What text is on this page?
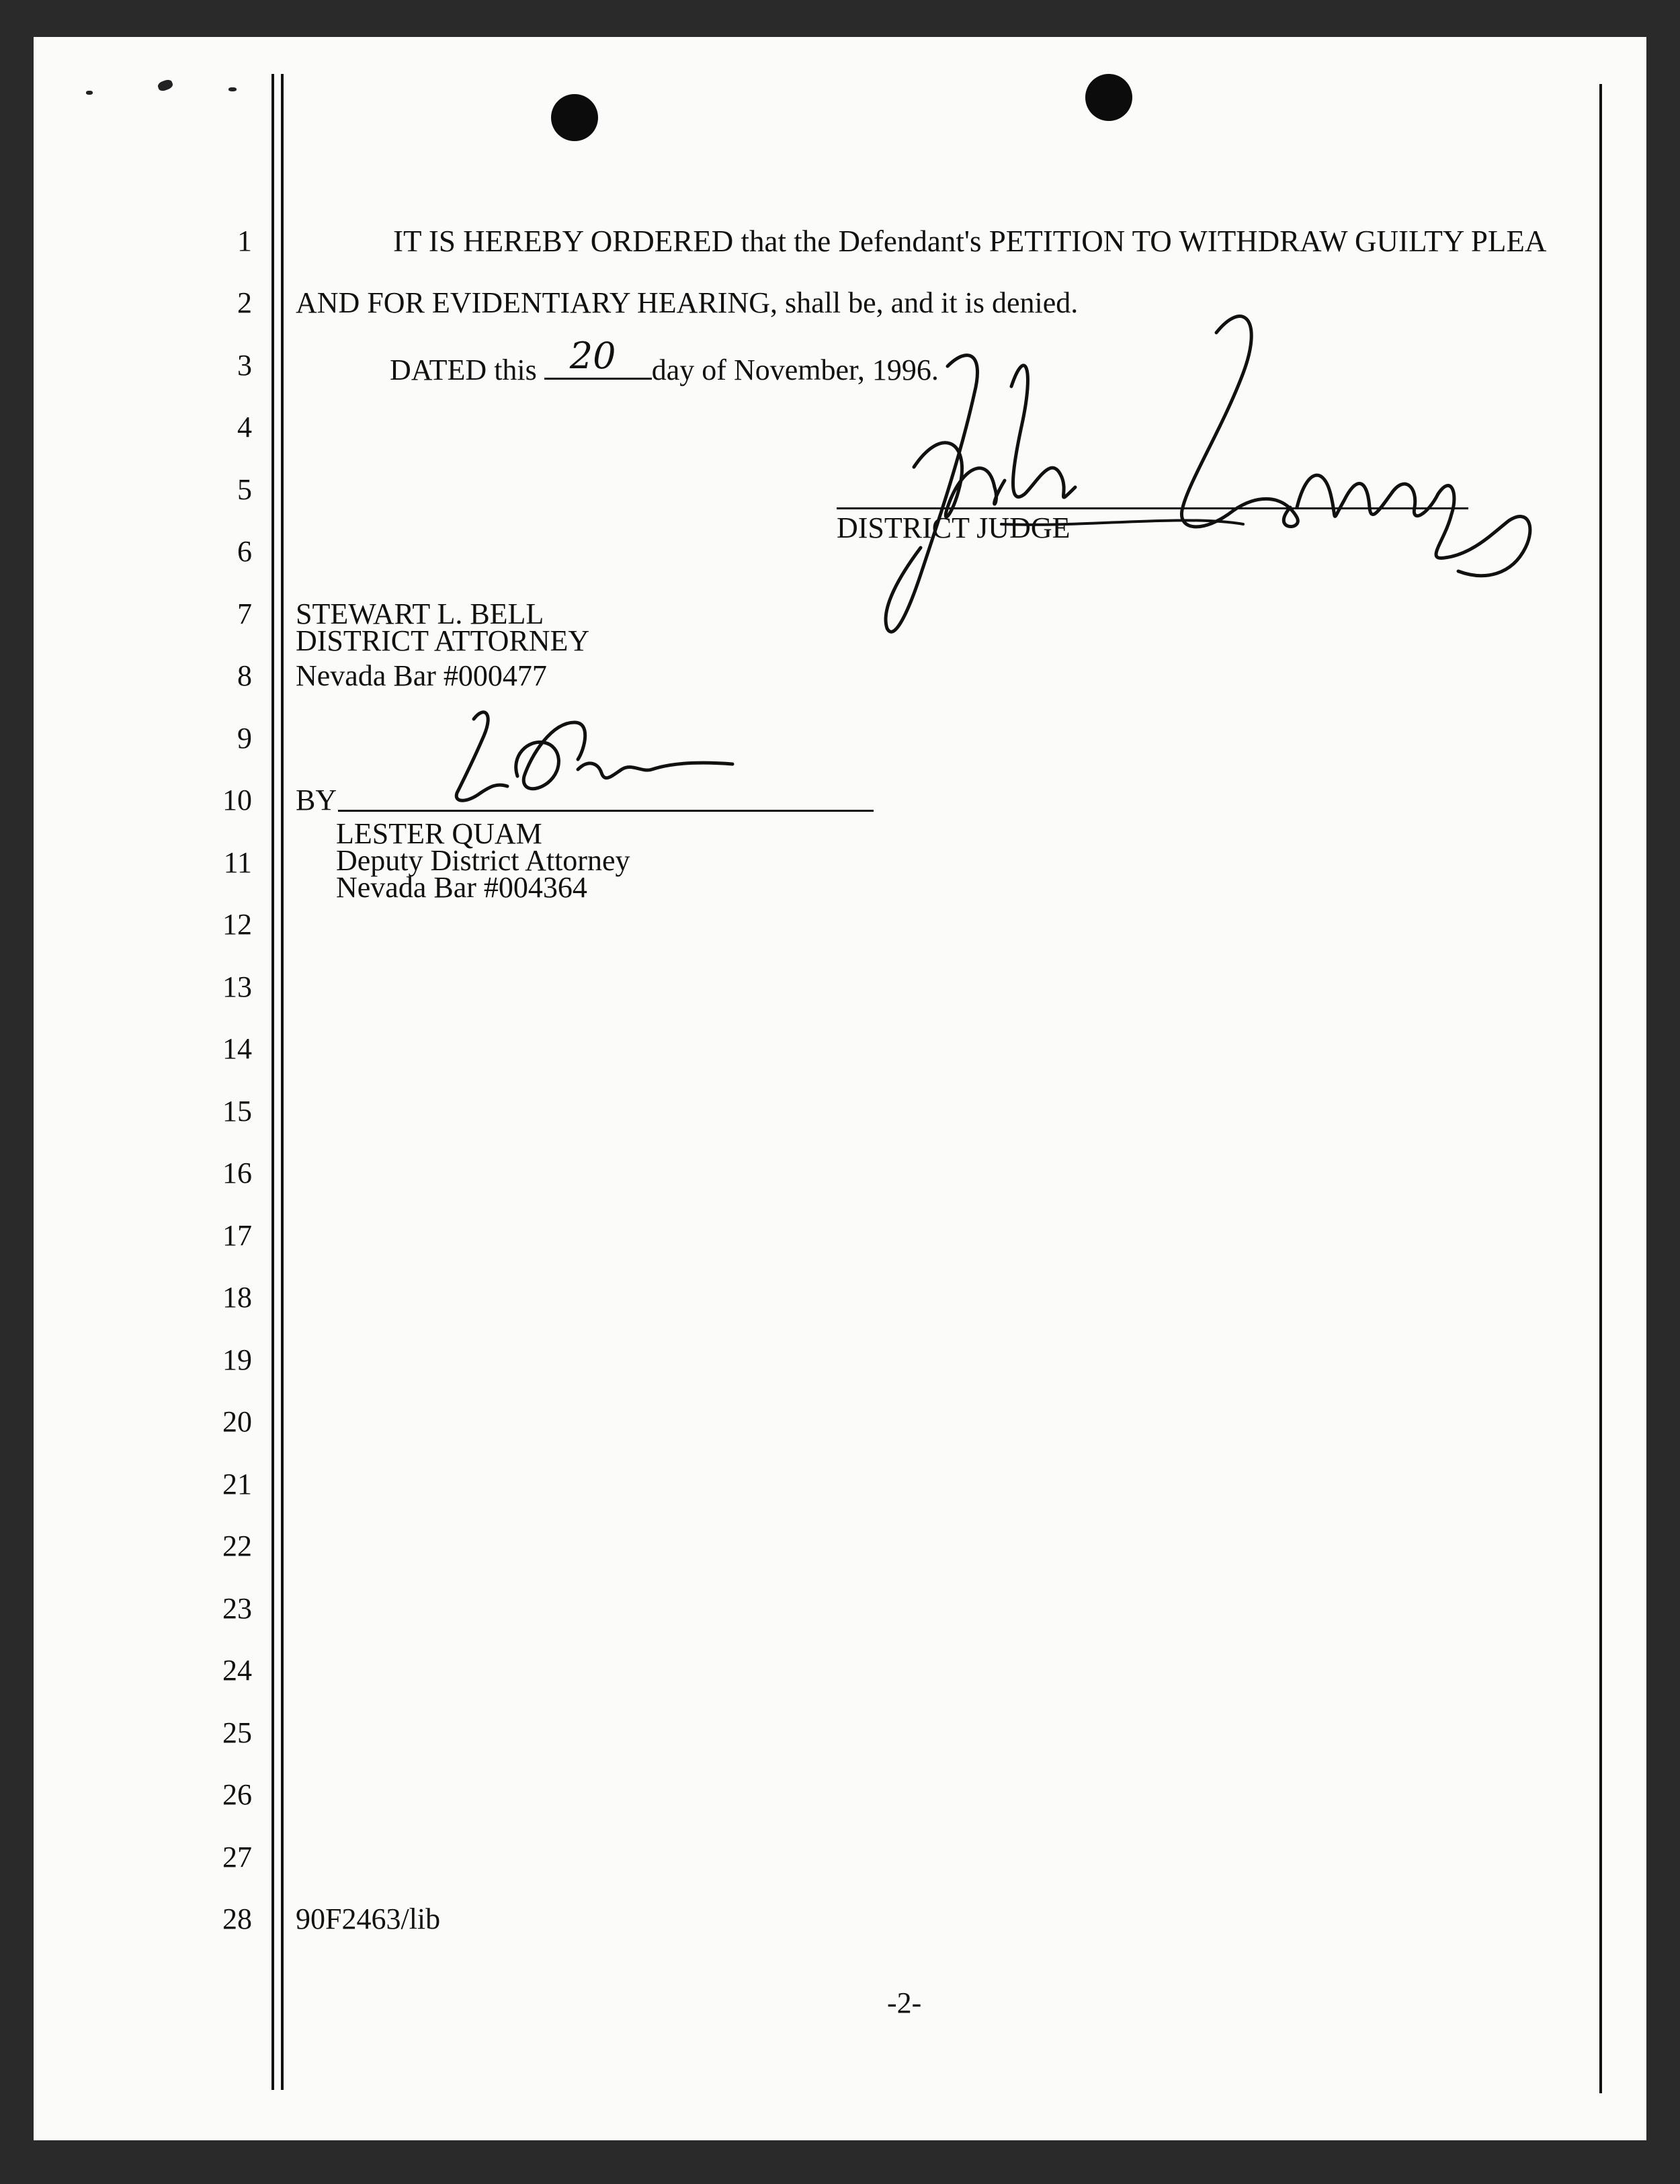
1
2
3
4
5
6
7
8
9
10
11
12
13
14
15
16
17
18
19
20
21
22
23
24
25
26
27
28
IT IS HEREBY ORDERED that the Defendant's PETITION TO WITHDRAW GUILTY PLEA
AND FOR EVIDENTIARY HEARING, shall be, and it is denied.
DATED this 20 day of November, 1996.
DISTRICT JUDGE
STEWART L. BELL
DISTRICT ATTORNEY
Nevada Bar #000477
BY
LESTER QUAM
Deputy District Attorney
Nevada Bar #004364
90F2463/lib
-2-
